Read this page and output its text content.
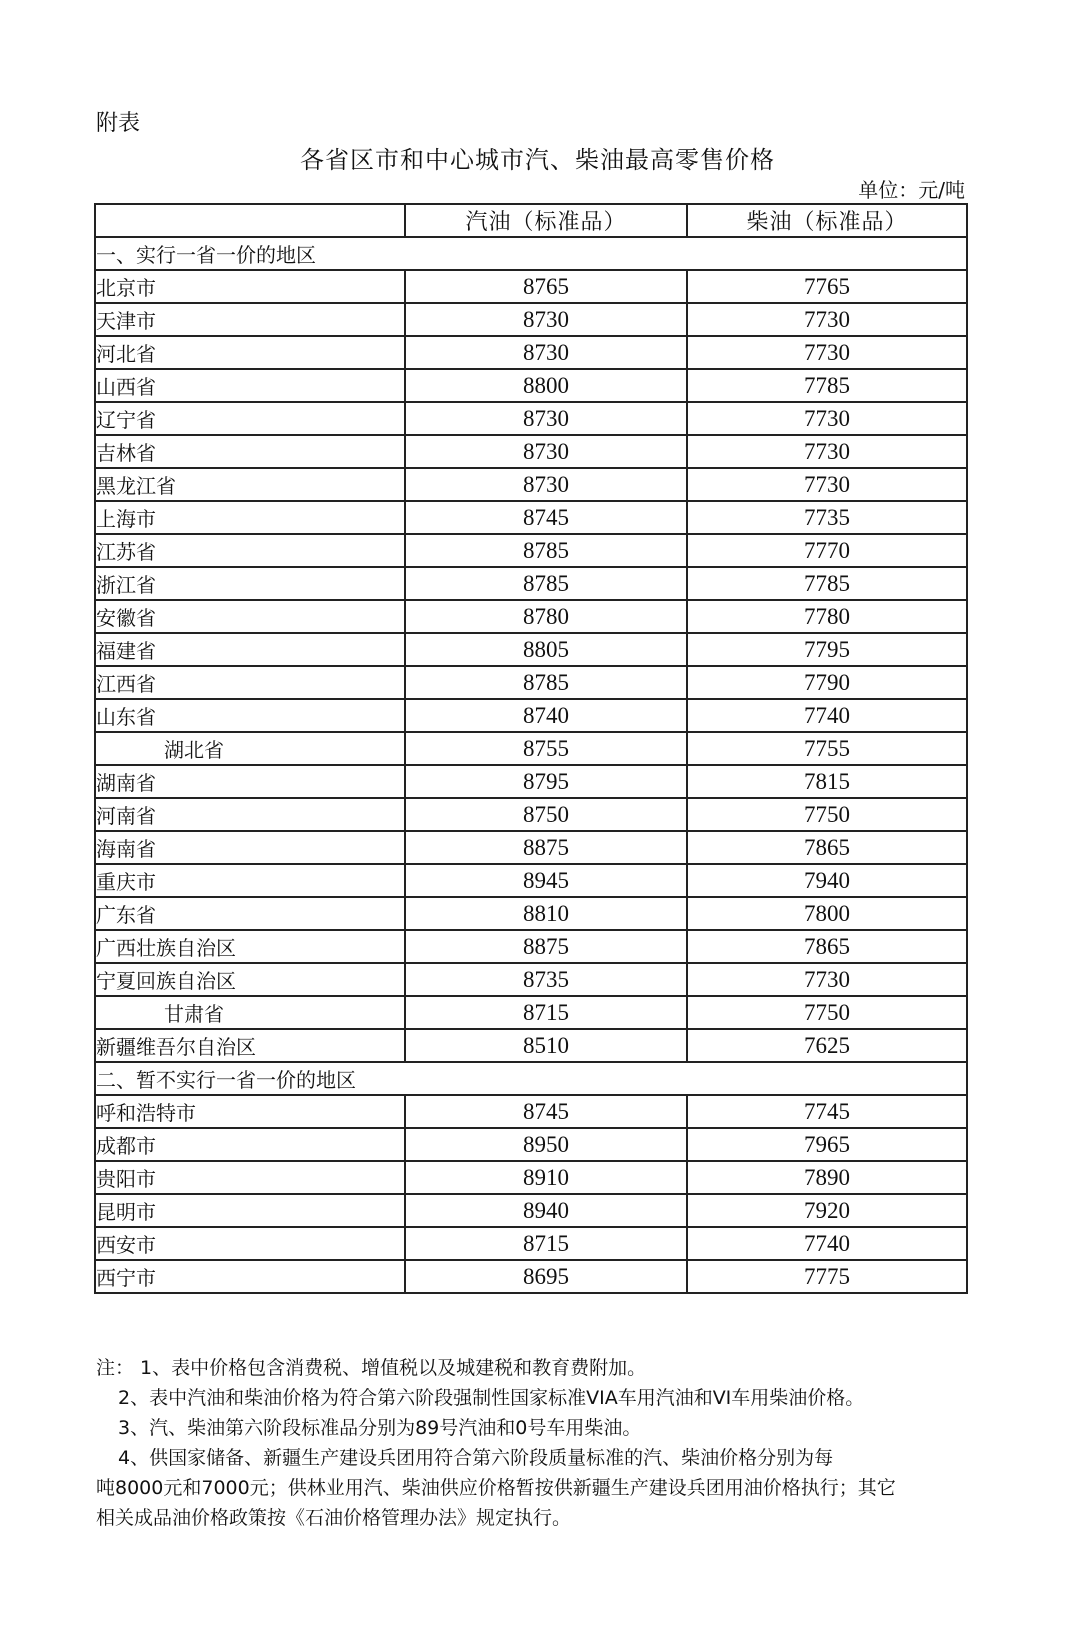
附表
各省区市和中心城市汽、柴油最高零售价格
单位：元/吨
	汽油（标准品）	柴油（标准品）
一、实行一省一价的地区		
北京市	8765	7765
天津市	8730	7730
河北省	8730	7730
山西省	8800	7785
辽宁省	8730	7730
吉林省	8730	7730
黑龙江省	8730	7730
上海市	8745	7735
江苏省	8785	7770
浙江省	8785	7785
安徽省	8780	7780
福建省	8805	7795
江西省	8785	7790
山东省	8740	7740
湖北省	8755	7755
湖南省	8795	7815
河南省	8750	7750
海南省	8875	7865
重庆市	8945	7940
广东省	8810	7800
广西壮族自治区	8875	7865
宁夏回族自治区	8735	7730
甘肃省	8715	7750
新疆维吾尔自治区	8510	7625
二、暂不实行一省一价的地区		
呼和浩特市	8745	7745
成都市	8950	7965
贵阳市	8910	7890
昆明市	8940	7920
西安市	8715	7740
西宁市	8695	7775

注： 1、表中价格包含消费税、增值税以及城建税和教育费附加。

2、表中汽油和柴油价格为符合第六阶段强制性国家标准VIA车用汽油和VI车用柴油价格。

3、汽、柴油第六阶段标准品分别为89号汽油和0号车用柴油。

4、供国家储备、新疆生产建设兵团用符合第六阶段质量标准的汽、柴油价格分别为每

吨8000元和7000元；供林业用汽、柴油供应价格暂按供新疆生产建设兵团用油价格执行；其它

相关成品油价格政策按《石油价格管理办法》规定执行。
